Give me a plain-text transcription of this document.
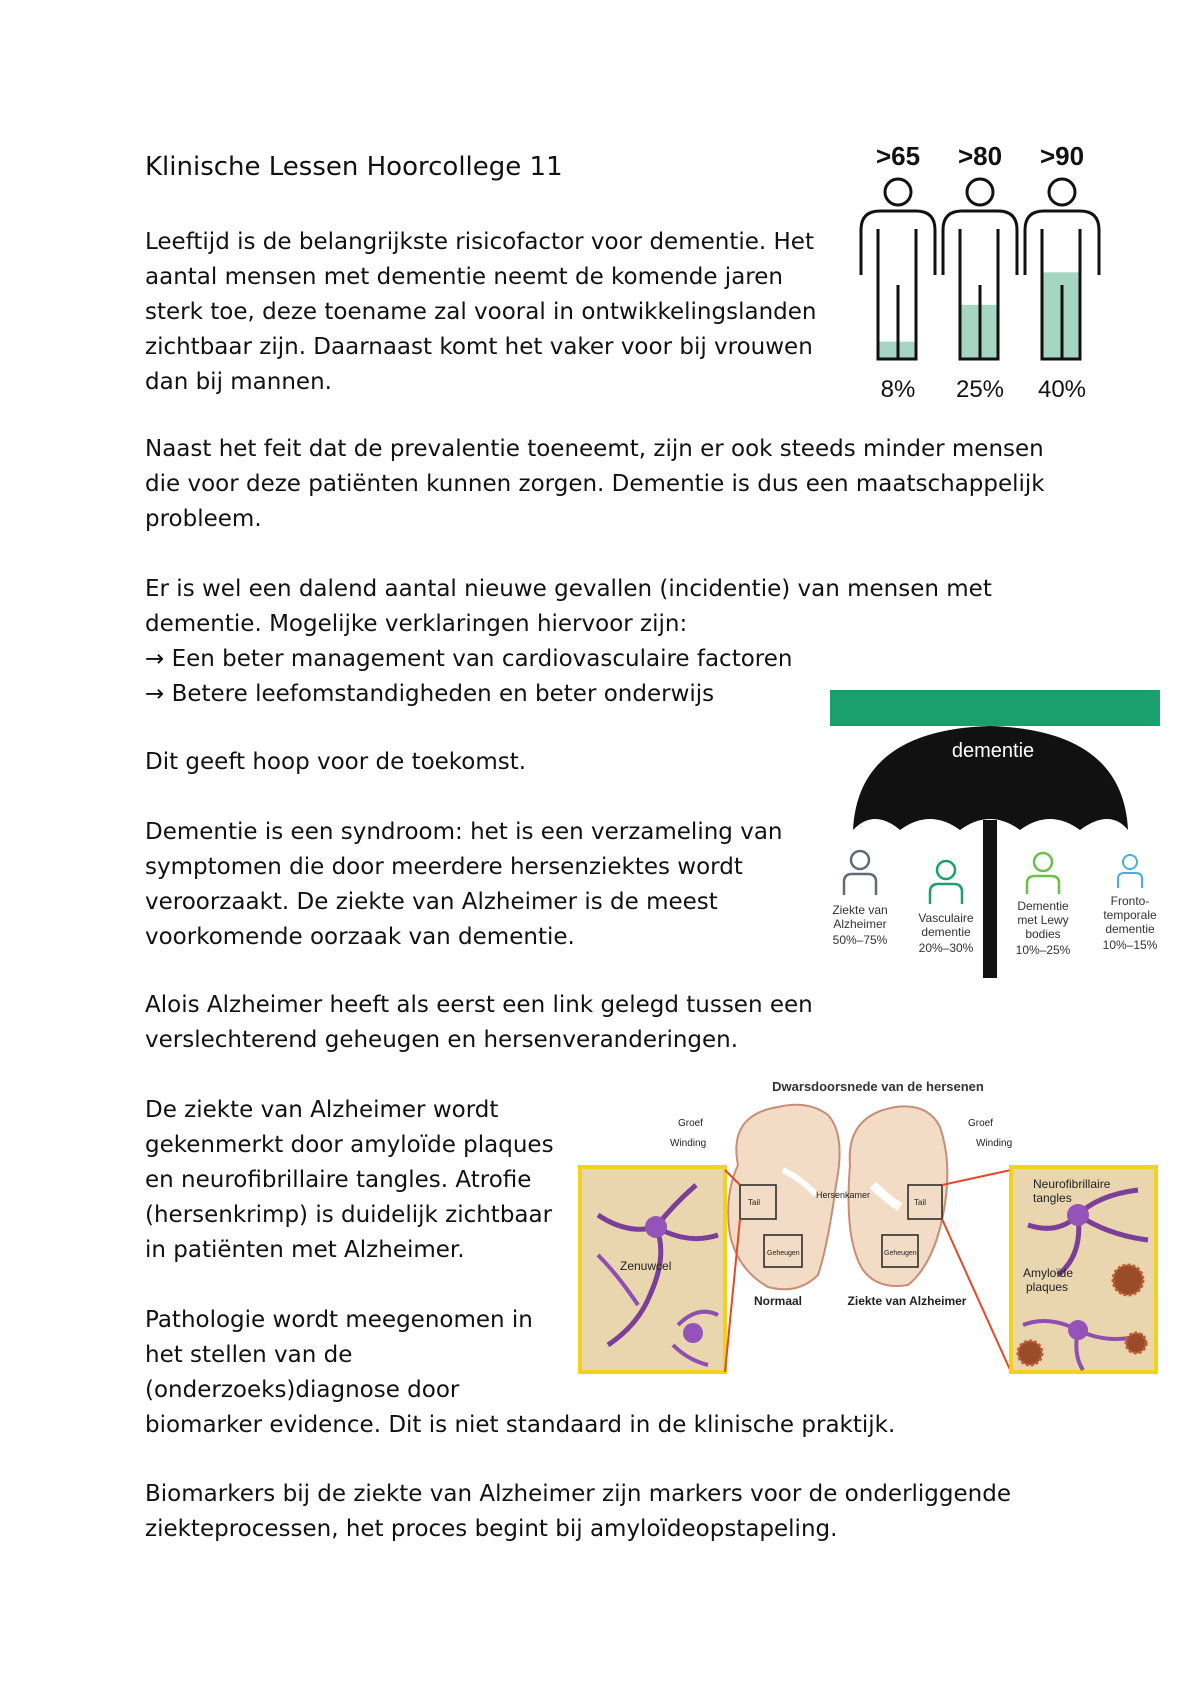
Klinische Lessen Hoorcollege 11

Leeftijd is de belangrijkste risicofactor voor dementie. Het

aantal mensen met dementie neemt de komende jaren

sterk toe, deze toename zal vooral in ontwikkelingslanden

zichtbaar zijn. Daarnaast komt het vaker voor bij vrouwen

dan bij mannen.

Naast het feit dat de prevalentie toeneemt, zijn er ook steeds minder mensen

die voor deze patiënten kunnen zorgen. Dementie is dus een maatschappelijk

probleem.

Er is wel een dalend aantal nieuwe gevallen (incidentie) van mensen met

dementie. Mogelijke verklaringen hiervoor zijn:

→ Een beter management van cardiovasculaire factoren

→ Betere leefomstandigheden en beter onderwijs

Dit geeft hoop voor de toekomst.

Dementie is een syndroom: het is een verzameling van

symptomen die door meerdere hersenziektes wordt

veroorzaakt. De ziekte van Alzheimer is de meest

voorkomende oorzaak van dementie.

Alois Alzheimer heeft als eerst een link gelegd tussen een

verslechterend geheugen en hersenveranderingen.

De ziekte van Alzheimer wordt

gekenmerkt door amyloïde plaques

en neurofibrillaire tangles. Atrofie

(hersenkrimp) is duidelijk zichtbaar

in patiënten met Alzheimer.

Pathologie wordt meegenomen in

het stellen van de

(onderzoeks)diagnose door

biomarker evidence. Dit is niet standaard in de klinische praktijk.

Biomarkers bij de ziekte van Alzheimer zijn markers voor de onderliggende

ziekteprocessen, het proces begint bij amyloïdeopstapeling.

>65
8%
>80
25%
>90
40%
dementie
Ziekte van
Alzheimer
50%–75%
Vasculaire
dementie
20%–30%
Dementie
met Lewy
bodies
10%–25%
Fronto-
temporale
dementie
10%–15%
Dwarsdoorsnede van de hersenen
Zenuwcel
Groef
Winding
Groef
Winding
Hersenkamer
Tail	Tail
Geheugen	Geheugen
Normaal	Ziekte van Alzheimer
Neurofibrillaire
tangles
Amyloïde
plaques
